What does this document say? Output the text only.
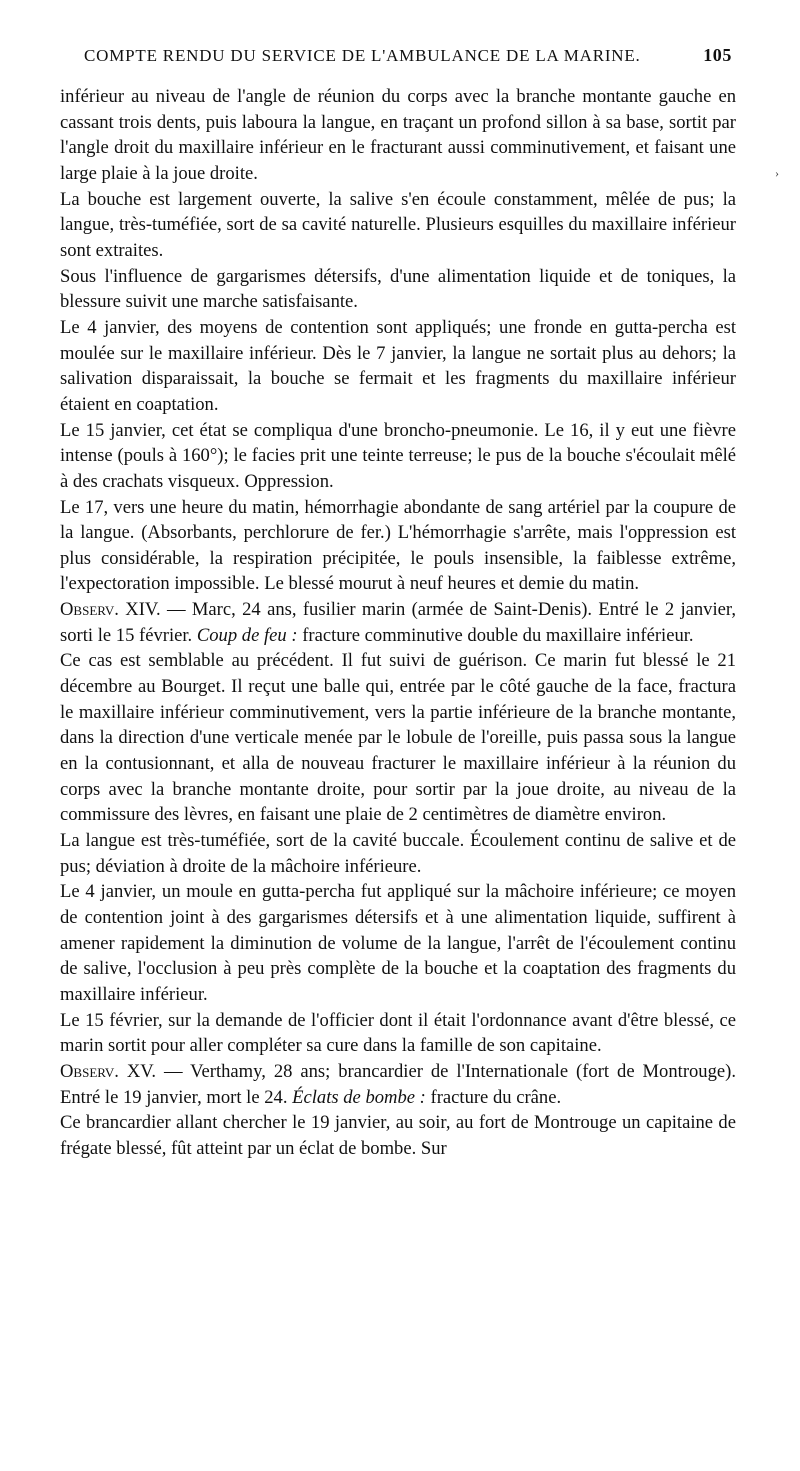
COMPTE RENDU DU SERVICE DE L'AMBULANCE DE LA MARINE.	105

inférieur au niveau de l'angle de réunion du corps avec la branche montante gauche en cassant trois dents, puis laboura la langue, en traçant un profond sillon à sa base, sortit par l'angle droit du maxillaire inférieur en le fracturant aussi comminutivement, et faisant une large plaie à la joue droite.

La bouche est largement ouverte, la salive s'en écoule constamment, mêlée de pus; la langue, très-tuméfiée, sort de sa cavité naturelle. Plusieurs esquilles du maxillaire inférieur sont extraites.

Sous l'influence de gargarismes détersifs, d'une alimentation liquide et de toniques, la blessure suivit une marche satisfaisante.

Le 4 janvier, des moyens de contention sont appliqués; une fronde en gutta-percha est moulée sur le maxillaire inférieur. Dès le 7 janvier, la langue ne sortait plus au dehors; la salivation disparaissait, la bouche se fermait et les fragments du maxillaire inférieur étaient en coaptation.

Le 15 janvier, cet état se compliqua d'une broncho-pneumonie. Le 16, il y eut une fièvre intense (pouls à 160°); le facies prit une teinte terreuse; le pus de la bouche s'écoulait mêlé à des crachats visqueux. Oppression.

Le 17, vers une heure du matin, hémorrhagie abondante de sang artériel par la coupure de la langue. (Absorbants, perchlorure de fer.) L'hémorrhagie s'arrête, mais l'oppression est plus considérable, la respiration précipitée, le pouls insensible, la faiblesse extrême, l'expectoration impossible. Le blessé mourut à neuf heures et demie du matin.

Observ. XIV. — Marc, 24 ans, fusilier marin (armée de Saint-Denis). Entré le 2 janvier, sorti le 15 février. Coup de feu : fracture comminutive double du maxillaire inférieur.

Ce cas est semblable au précédent. Il fut suivi de guérison. Ce marin fut blessé le 21 décembre au Bourget. Il reçut une balle qui, entrée par le côté gauche de la face, fractura le maxillaire inférieur comminutivement, vers la partie inférieure de la branche montante, dans la direction d'une verticale menée par le lobule de l'oreille, puis passa sous la langue en la contusionnant, et alla de nouveau fracturer le maxillaire inférieur à la réunion du corps avec la branche montante droite, pour sortir par la joue droite, au niveau de la commissure des lèvres, en faisant une plaie de 2 centimètres de diamètre environ.

La langue est très-tuméfiée, sort de la cavité buccale. Écoulement continu de salive et de pus; déviation à droite de la mâchoire inférieure.

Le 4 janvier, un moule en gutta-percha fut appliqué sur la mâchoire inférieure; ce moyen de contention joint à des gargarismes détersifs et à une alimentation liquide, suffirent à amener rapidement la diminution de volume de la langue, l'arrêt de l'écoulement continu de salive, l'occlusion à peu près complète de la bouche et la coaptation des fragments du maxillaire inférieur.

Le 15 février, sur la demande de l'officier dont il était l'ordonnance avant d'être blessé, ce marin sortit pour aller compléter sa cure dans la famille de son capitaine.

Observ. XV. — Verthamy, 28 ans; brancardier de l'Internationale (fort de Montrouge). Entré le 19 janvier, mort le 24. Éclats de bombe : fracture du crâne.

Ce brancardier allant chercher le 19 janvier, au soir, au fort de Montrouge un capitaine de frégate blessé, fût atteint par un éclat de bombe. Sur

›
